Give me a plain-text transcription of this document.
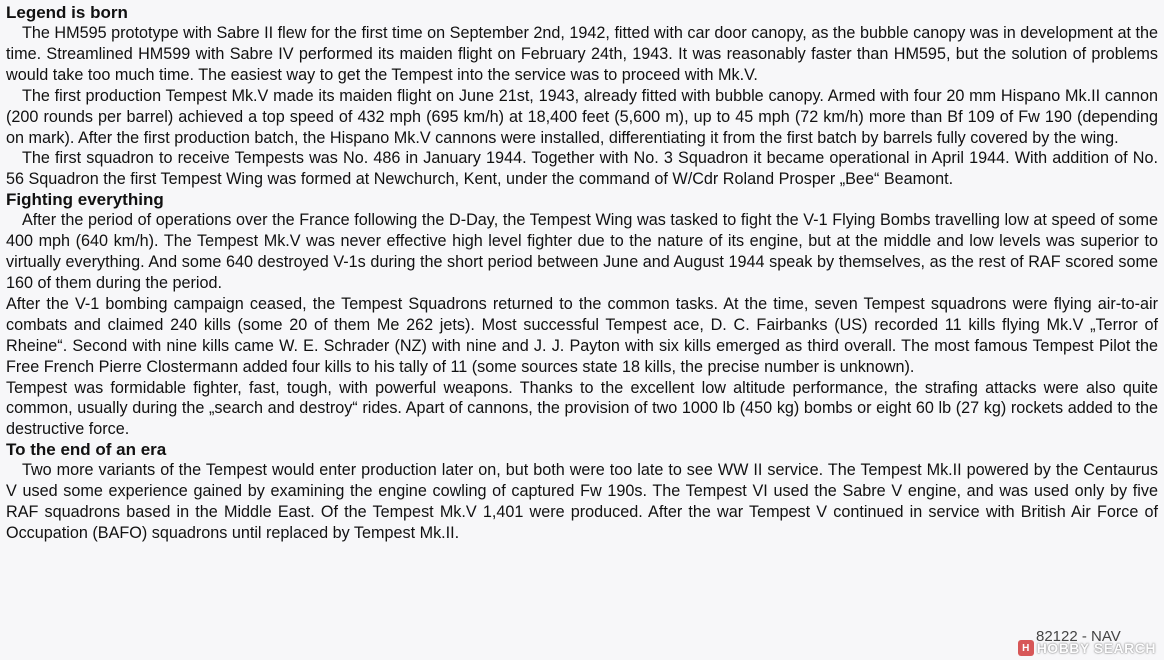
Legend is born

The HM595 prototype with Sabre II flew for the first time on September 2nd, 1942, fitted with car door canopy, as the bubble canopy was in development at the time. Streamlined HM599 with Sabre IV performed its maiden flight on February 24th, 1943. It was reasonably faster than HM595, but the solution of problems would take too much time. The easiest way to get the Tempest into the service was to proceed with Mk.V.

The first production Tempest Mk.V made its maiden flight on June 21st, 1943, already fitted with bubble canopy. Armed with four 20 mm Hispano Mk.II cannon (200 rounds per barrel) achieved a top speed of 432 mph (695 km/h) at 18,400 feet (5,600 m), up to 45 mph (72 km/h) more than Bf 109 of Fw 190 (depending on mark). After the first production batch, the Hispano Mk.V cannons were installed, differentiating it from the first batch by barrels fully covered by the wing.

The first squadron to receive Tempests was No. 486 in January 1944. Together with No. 3 Squadron it became operational in April 1944. With addition of No. 56 Squadron the first Tempest Wing was formed at Newchurch, Kent, under the command of W/Cdr Roland Prosper „Bee“ Beamont.

Fighting everything

After the period of operations over the France following the D-Day, the Tempest Wing was tasked to fight the V-1 Flying Bombs travelling low at speed of some 400 mph (640 km/h). The Tempest Mk.V was never effective high level fighter due to the nature of its engine, but at the middle and low levels was superior to virtually everything. And some 640 destroyed V-1s during the short period between June and August 1944 speak by themselves, as the rest of RAF scored some 160 of them during the period.

After the V-1 bombing campaign ceased, the Tempest Squadrons returned to the common tasks. At the time, seven Tempest squadrons were flying air-to-air combats and claimed 240 kills (some 20 of them Me 262 jets). Most successful Tempest ace, D. C. Fairbanks (US) recorded 11 kills flying Mk.V „Terror of Rheine“. Second with nine kills came W. E. Schrader (NZ) with nine and J. J. Payton with six kills emerged as third overall. The most famous Tempest Pilot the Free French Pierre Clostermann added four kills to his tally of 11 (some sources state 18 kills, the precise number is unknown).

Tempest was formidable fighter, fast, tough, with powerful weapons. Thanks to the excellent low altitude performance, the strafing attacks were also quite common, usually during the „search and destroy“ rides. Apart of cannons, the provision of two 1000 lb (450 kg) bombs or eight 60 lb (27 kg) rockets added to the destructive force.

To the end of an era

Two more variants of the Tempest would enter production later on, but both were too late to see WW II service. The Tempest Mk.II powered by the Centaurus V used some experience gained by examining the engine cowling of captured Fw 190s. The Tempest VI used the Sabre V engine, and was used only by five RAF squadrons based in the Middle East. Of the Tempest Mk.V 1,401 were produced. After the war Tempest V continued in service with British Air Force of Occupation (BAFO) squadrons until replaced by Tempest Mk.II.

82122 - NAV
H HOBBY SEARCH
